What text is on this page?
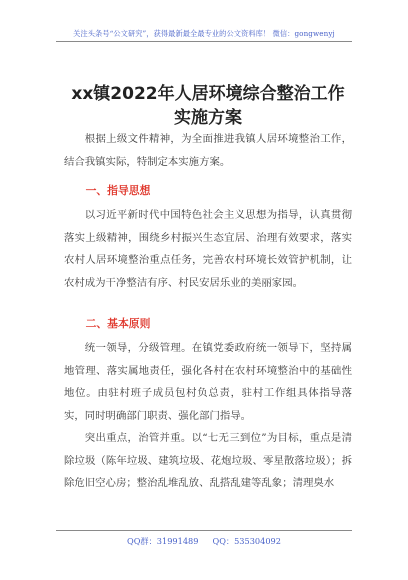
关注头条号“公文研究”，获得最新最全最专业的公文资料库！ 微信：gongwenyj
xx镇2022年人居环境综合整治工作实施方案

根据上级文件精神，为全面推进我镇人居环境整治工作，结合我镇实际，特制定本实施方案。

一、指导思想

以习近平新时代中国特色社会主义思想为指导，认真贯彻落实上级精神，围绕乡村振兴生态宜居、治理有效要求，落实农村人居环境整治重点任务，完善农村环境长效管护机制，让农村成为干净整洁有序、村民安居乐业的美丽家园。

二、基本原则

统一领导，分级管理。在镇党委政府统一领导下，坚持属地管理、落实属地责任，强化各村在农村环境整治中的基础性地位。由驻村班子成员包村负总责，驻村工作组具体指导落实，同时明确部门职责、强化部门指导。

突出重点，治管并重。以“七无三到位”为目标，重点是清除垃圾（陈年垃圾、建筑垃圾、花炮垃圾、零星散落垃圾）；拆除危旧空心房；整治乱堆乱放、乱搭乱建等乱象；清理臭水

QQ群：31991489 QQ：535304092
